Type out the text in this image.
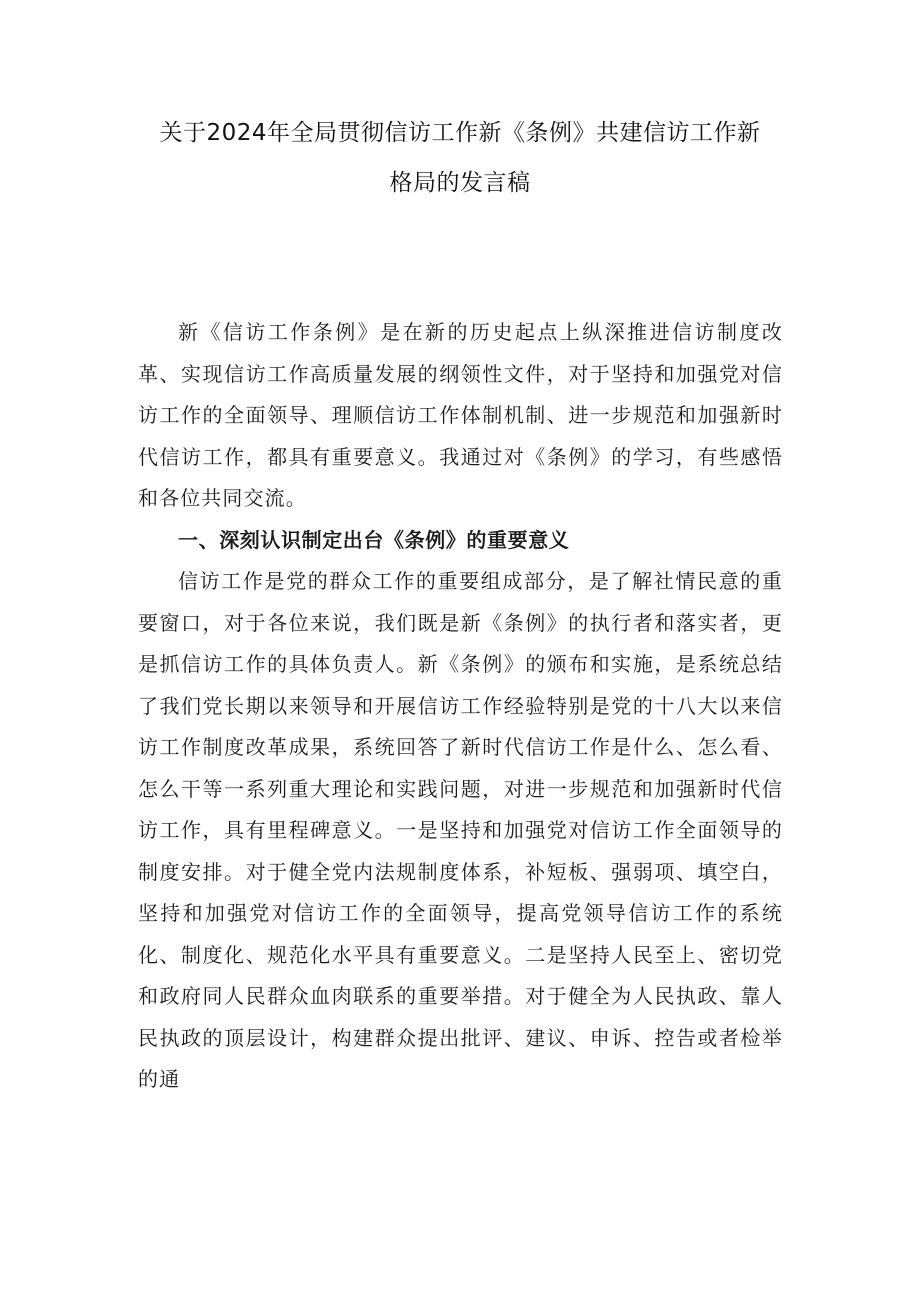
关于2024年全局贯彻信访工作新《条例》共建信访工作新
格局的发言稿

新《信访工作条例》是在新的历史起点上纵深推进信访制度改革、实现信访工作高质量发展的纲领性文件，对于坚持和加强党对信访工作的全面领导、理顺信访工作体制机制、进一步规范和加强新时代信访工作，都具有重要意义。我通过对《条例》的学习，有些感悟和各位共同交流。

一、深刻认识制定出台《条例》的重要意义

信访工作是党的群众工作的重要组成部分，是了解社情民意的重要窗口，对于各位来说，我们既是新《条例》的执行者和落实者，更是抓信访工作的具体负责人。新《条例》的颁布和实施，是系统总结了我们党长期以来领导和开展信访工作经验特别是党的十八大以来信访工作制度改革成果，系统回答了新时代信访工作是什么、怎么看、怎么干等一系列重大理论和实践问题，对进一步规范和加强新时代信访工作，具有里程碑意义。一是坚持和加强党对信访工作全面领导的制度安排。对于健全党内法规制度体系，补短板、强弱项、填空白，坚持和加强党对信访工作的全面领导，提高党领导信访工作的系统化、制度化、规范化水平具有重要意义。二是坚持人民至上、密切党和政府同人民群众血肉联系的重要举措。对于健全为人民执政、靠人民执政的顶层设计，构建群众提出批评、建议、申诉、控告或者检举的通
